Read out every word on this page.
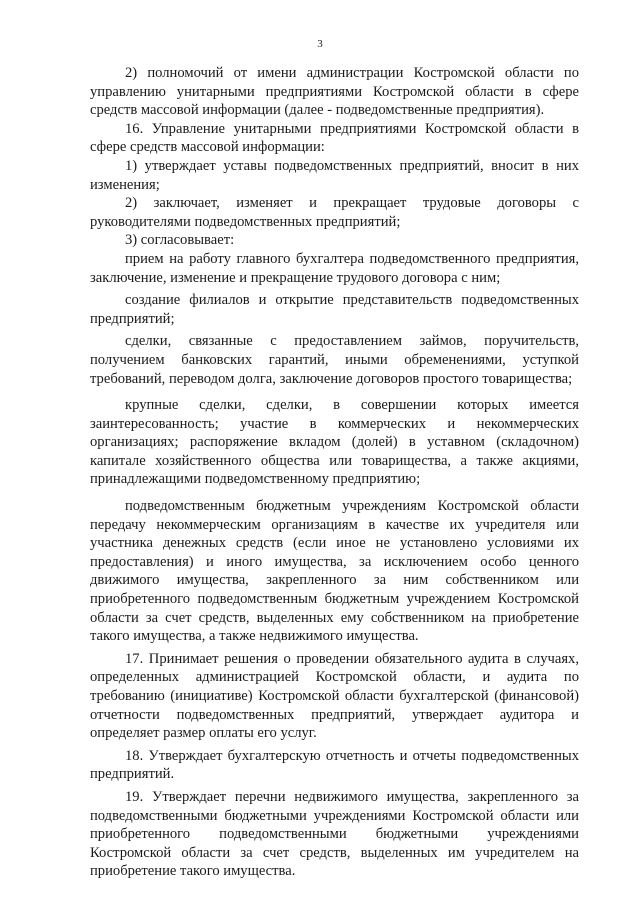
3

2) полномочий от имени администрации Костромской области по управлению унитарными предприятиями Костромской области в сфере средств массовой информации (далее - подведомственные предприятия).

16. Управление унитарными предприятиями Костромской области в сфере средств массовой информации:

1) утверждает уставы подведомственных предприятий, вносит в них изменения;

2) заключает, изменяет и прекращает трудовые договоры с руководителями подведомственных предприятий;

3) согласовывает:

прием на работу главного бухгалтера подведомственного предприятия, заключение, изменение и прекращение трудового договора с ним;

создание филиалов и открытие представительств подведомственных предприятий;

сделки, связанные с предоставлением займов, поручительств, получением банковских гарантий, иными обременениями, уступкой требований, переводом долга, заключение договоров простого товарищества;

крупные сделки, сделки, в совершении которых имеется заинтересованность; участие в коммерческих и некоммерческих организациях; распоряжение вкладом (долей) в уставном (складочном) капитале хозяйственного общества или товарищества, а также акциями, принадлежащими подведомственному предприятию;

подведомственным бюджетным учреждениям Костромской области передачу некоммерческим организациям в качестве их учредителя или участника денежных средств (если иное не установлено условиями их предоставления) и иного имущества, за исключением особо ценного движимого имущества, закрепленного за ним собственником или приобретенного подведомственным бюджетным учреждением Костромской области за счет средств, выделенных ему собственником на приобретение такого имущества, а также недвижимого имущества.

17. Принимает решения о проведении обязательного аудита в случаях, определенных администрацией Костромской области, и аудита по требованию (инициативе) Костромской области бухгалтерской (финансовой) отчетности подведомственных предприятий, утверждает аудитора и определяет размер оплаты его услуг.

18. Утверждает бухгалтерскую отчетность и отчеты подведомственных предприятий.

19. Утверждает перечни недвижимого имущества, закрепленного за подведомственными бюджетными учреждениями Костромской области или приобретенного подведомственными бюджетными учреждениями Костромской области за счет средств, выделенных им учредителем на приобретение такого имущества.
